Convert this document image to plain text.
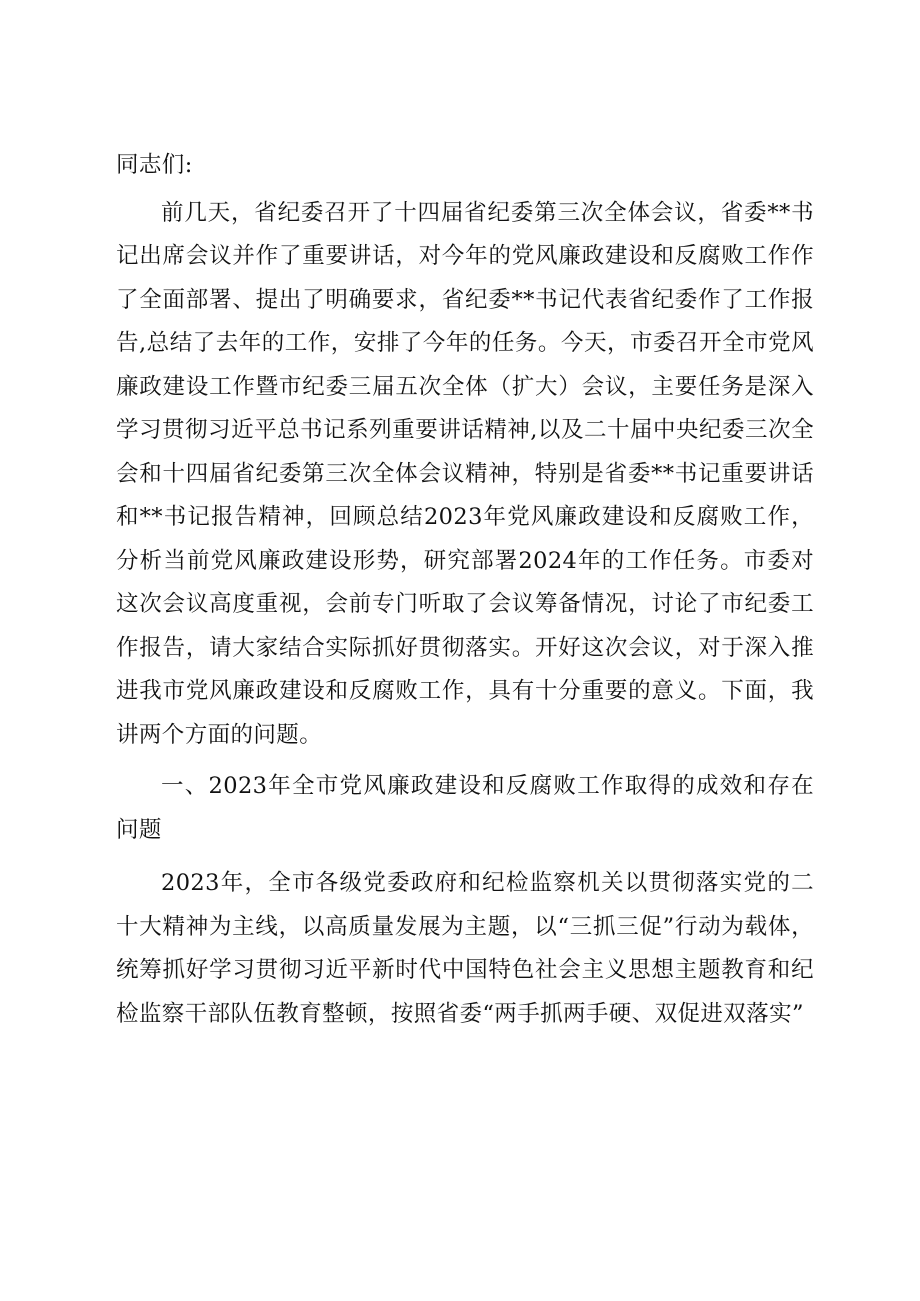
同志们:

前几天，省纪委召开了十四届省纪委第三次全体会议，省委**书记出席会议并作了重要讲话，对今年的党风廉政建设和反腐败工作作了全面部署、提出了明确要求，省纪委**书记代表省纪委作了工作报告,总结了去年的工作，安排了今年的任务。今天，市委召开全市党风廉政建设工作暨市纪委三届五次全体（扩大）会议，主要任务是深入学习贯彻习近平总书记系列重要讲话精神,以及二十届中央纪委三次全会和十四届省纪委第三次全体会议精神，特别是省委**书记重要讲话和**书记报告精神，回顾总结2023年党风廉政建设和反腐败工作，分析当前党风廉政建设形势，研究部署2024年的工作任务。市委对这次会议高度重视，会前专门听取了会议筹备情况，讨论了市纪委工作报告，请大家结合实际抓好贯彻落实。开好这次会议，对于深入推进我市党风廉政建设和反腐败工作，具有十分重要的意义。下面，我讲两个方面的问题。

一、2023年全市党风廉政建设和反腐败工作取得的成效和存在问题

2023年，全市各级党委政府和纪检监察机关以贯彻落实党的二十大精神为主线，以高质量发展为主题，以“三抓三促”行动为载体，统筹抓好学习贯彻习近平新时代中国特色社会主义思想主题教育和纪检监察干部队伍教育整顿，按照省委“两手抓两手硬、双促进双落实”
